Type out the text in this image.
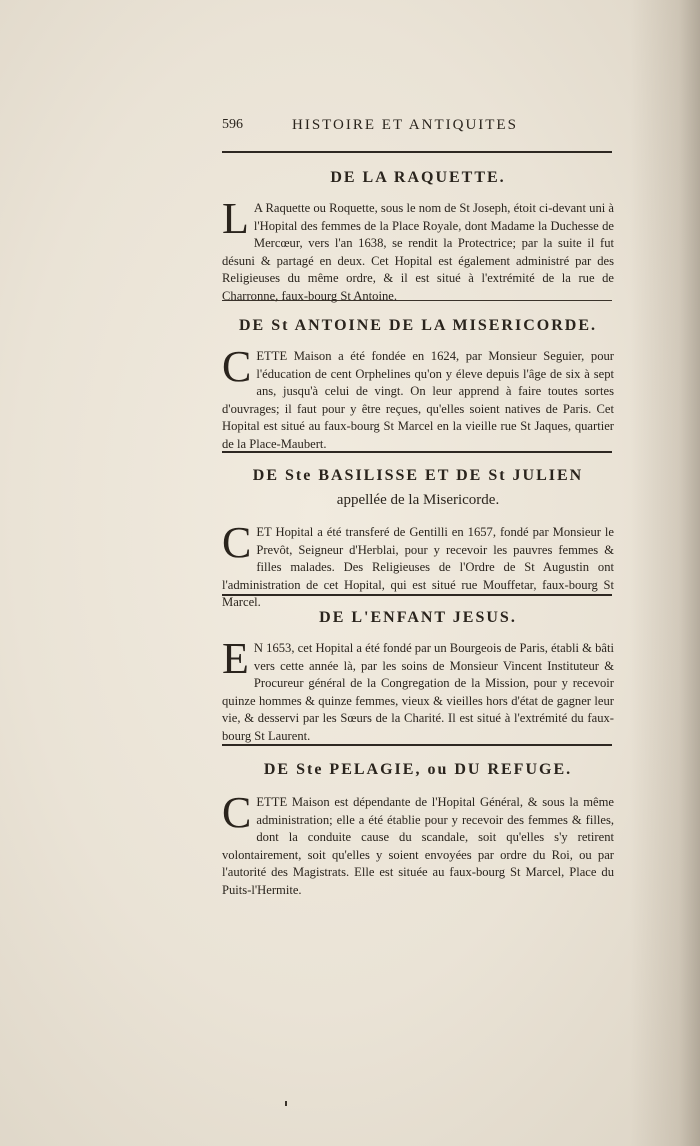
596	HISTOIRE ET ANTIQUITES
DE LA RAQUETTE.

L A Raquette ou Roquette, sous le nom de St Joseph, étoit ci-devant uni à l'Hopital des femmes de la Place Royale, dont Madame la Duchesse de Mercœur, vers l'an 1638, se rendit la Protectrice; par la suite il fut désuni & partagé en deux. Cet Hopital est également administré par des Religieuses du même ordre, & il est situé à l'extrémité de la rue de Charronne, faux-bourg St Antoine.

DE St ANTOINE DE LA MISERICORDE.

CETTE Maison a été fondée en 1624, par Monsieur Seguier, pour l'éducation de cent Orphelines qu'on y éleve depuis l'âge de six à sept ans, jusqu'à celui de vingt. On leur apprend à faire toutes sortes d'ouvrages; il faut pour y être reçues, qu'elles soient natives de Paris. Cet Hopital est situé au faux-bourg St Marcel en la vieille rue St Jaques, quartier de la Place-Maubert.

DE Ste BASILISSE ET DE St JULIEN

appellée de la Misericorde.

CET Hopital a été transferé de Gentilli en 1657, fondé par Monsieur le Prevôt, Seigneur d'Herblai, pour y recevoir les pauvres femmes & filles malades. Des Religieuses de l'Ordre de St Augustin ont l'administration de cet Hopital, qui est situé rue Mouffetar, faux-bourg St Marcel.

DE L'ENFANT JESUS.

E N 1653, cet Hopital a été fondé par un Bourgeois de Paris, établi & bâti vers cette année là, par les soins de Monsieur Vincent Instituteur & Procureur général de la Congregation de la Mission, pour y recevoir quinze hommes & quinze femmes, vieux & vieilles hors d'état de gagner leur vie, & desservi par les Sœurs de la Charité. Il est situé à l'extrémité du faux-bourg St Laurent.

DE Ste PELAGIE, ou DU REFUGE.

CETTE Maison est dépendante de l'Hopital Général, & sous la même administration; elle a été établie pour y recevoir des femmes & filles, dont la conduite cause du scandale, soit qu'elles s'y retirent volontairement, soit qu'elles y soient envoyées par ordre du Roi, ou par l'autorité des Magistrats. Elle est située au faux-bourg St Marcel, Place du Puits-l'Hermite.
